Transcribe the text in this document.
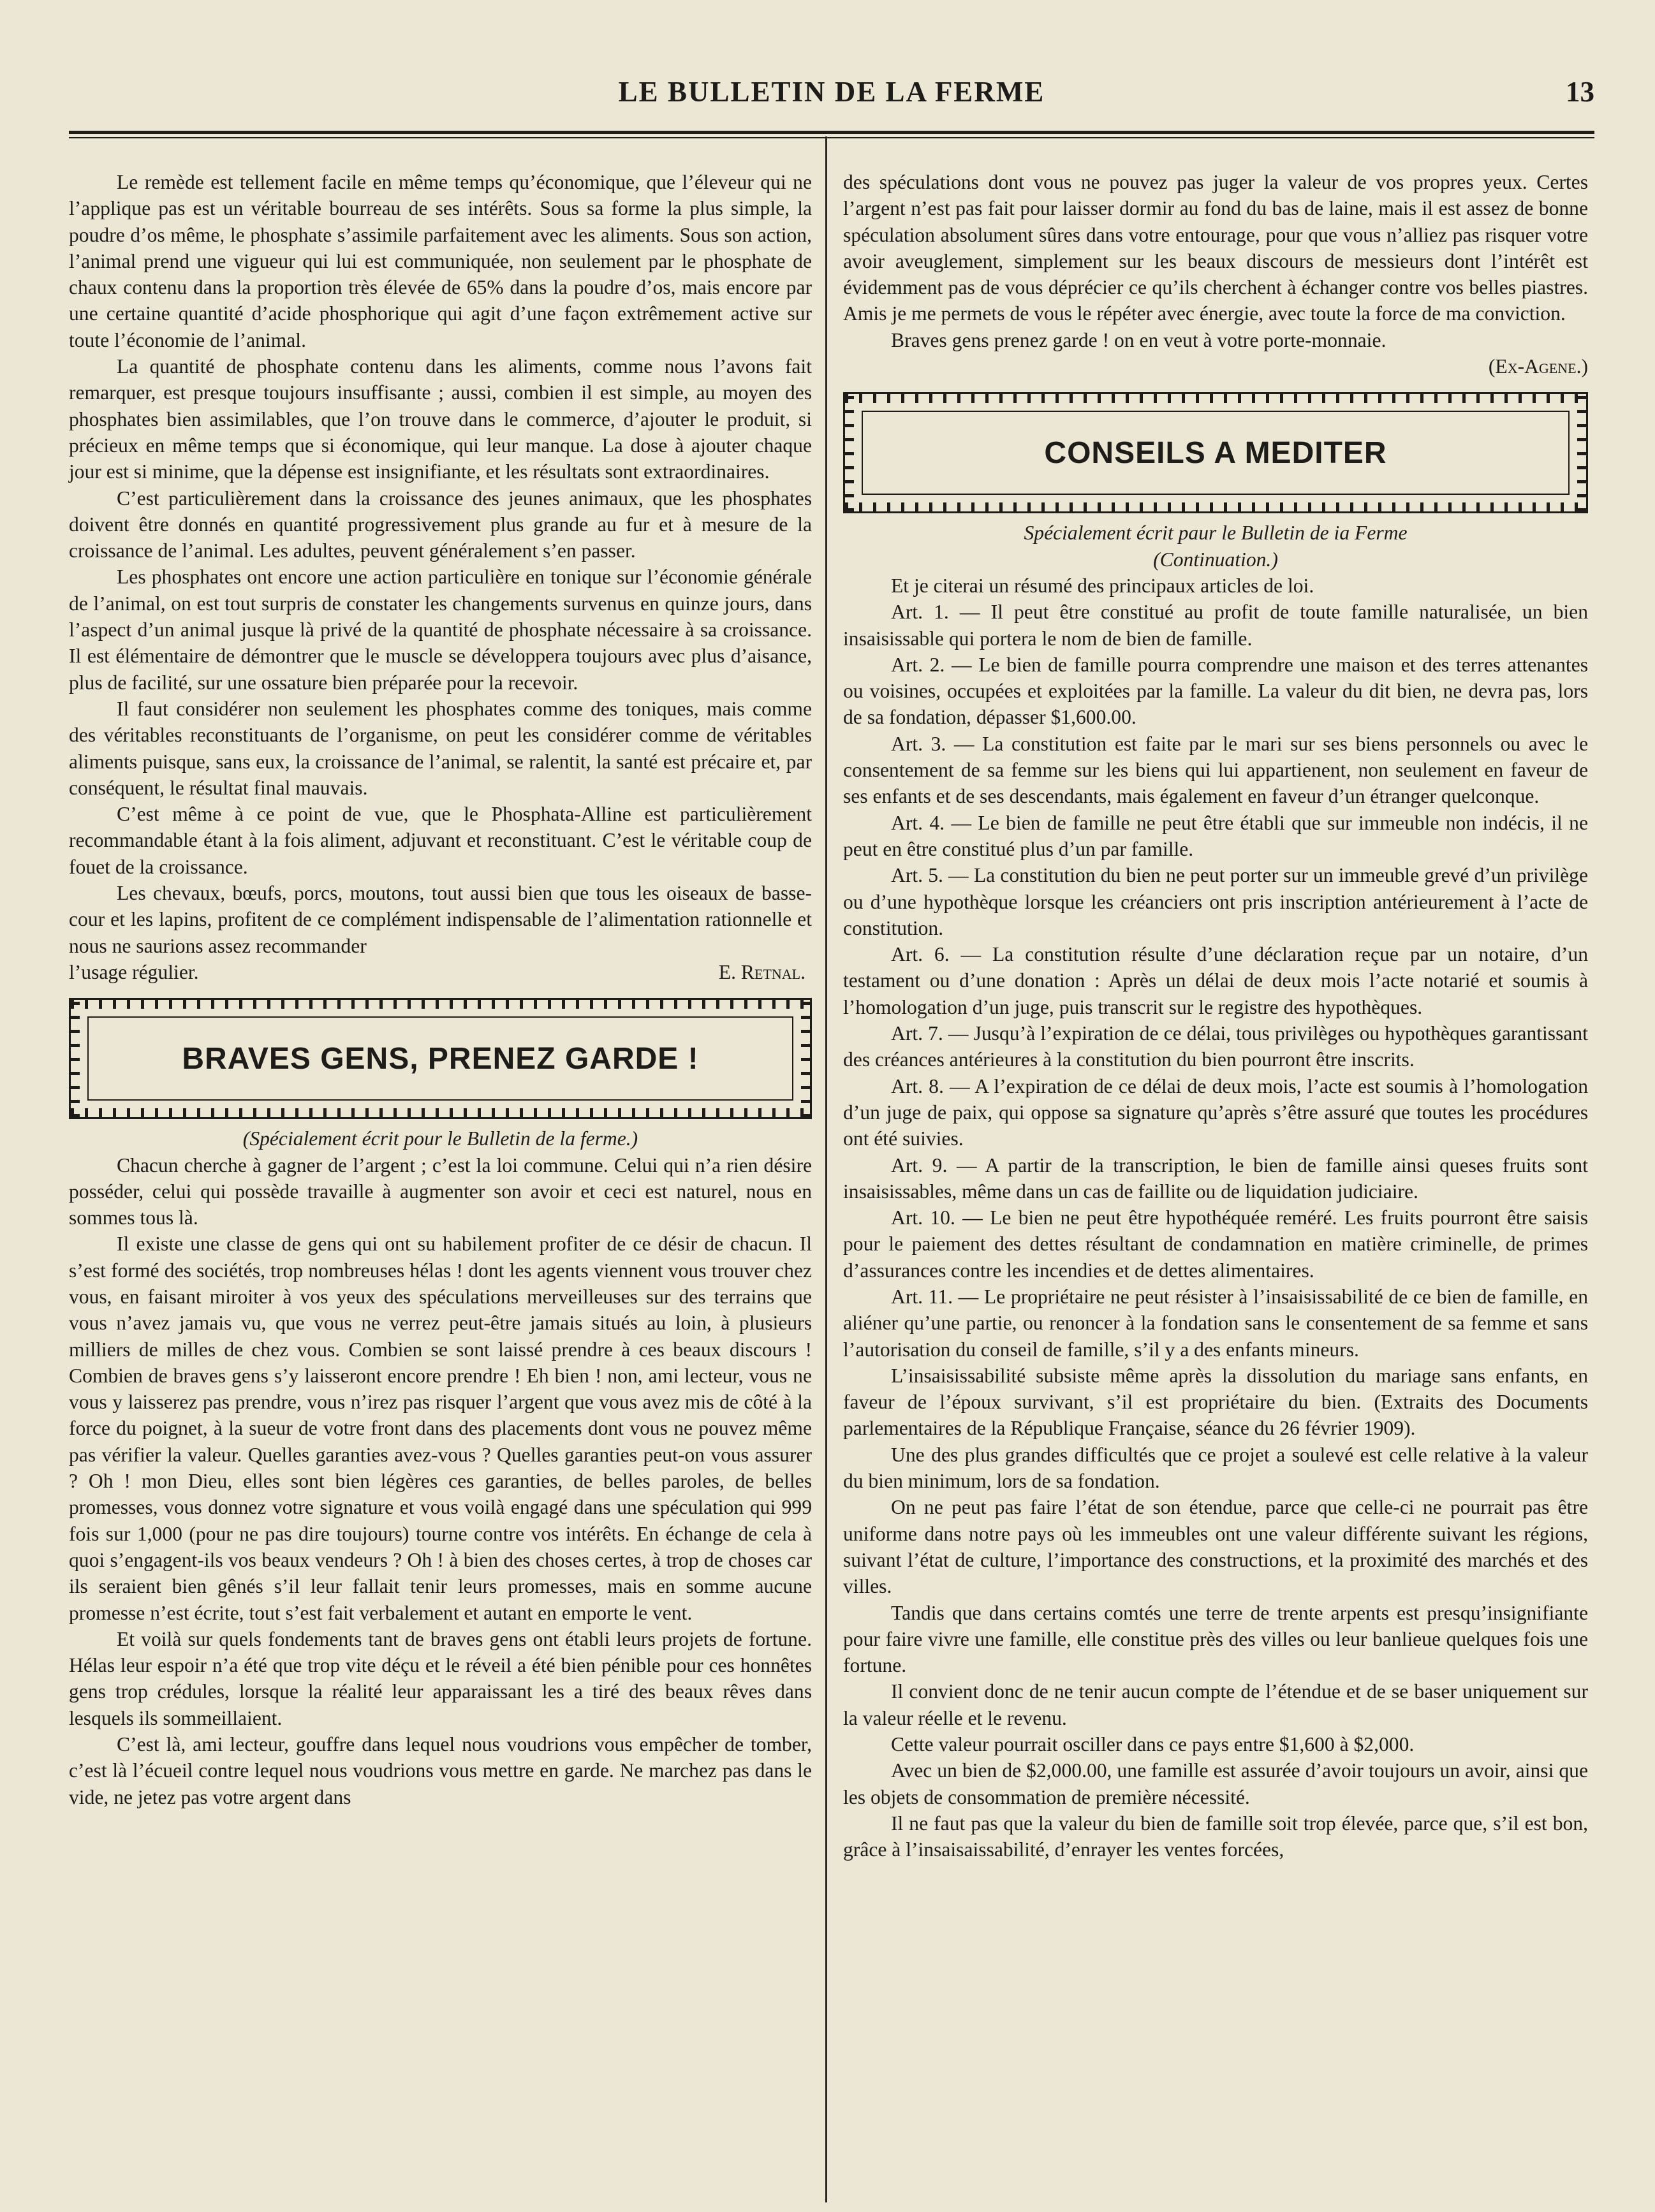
LE BULLETIN DE LA FERME	13

Le remède est tellement facile en même temps qu’économique, que l’éleveur qui ne l’applique pas est un véritable bourreau de ses intérêts. Sous sa forme la plus simple, la poudre d’os même, le phosphate s’assimile parfaitement avec les aliments. Sous son action, l’animal prend une vigueur qui lui est communiquée, non seulement par le phosphate de chaux contenu dans la proportion très élevée de 65% dans la poudre d’os, mais encore par une certaine quantité d’acide phosphorique qui agit d’une façon extrêmement active sur toute l’économie de l’animal.

La quantité de phosphate contenu dans les aliments, comme nous l’avons fait remarquer, est presque toujours insuffisante ; aussi, combien il est simple, au moyen des phosphates bien assimilables, que l’on trouve dans le commerce, d’ajouter le produit, si précieux en même temps que si économique, qui leur manque. La dose à ajouter chaque jour est si minime, que la dépense est insignifiante, et les résultats sont extraordinaires.

C’est particulièrement dans la croissance des jeunes animaux, que les phosphates doivent être donnés en quantité progressivement plus grande au fur et à mesure de la croissance de l’animal. Les adultes, peuvent généralement s’en passer.

Les phosphates ont encore une action particulière en tonique sur l’économie générale de l’animal, on est tout surpris de constater les changements survenus en quinze jours, dans l’aspect d’un animal jusque là privé de la quantité de phosphate nécessaire à sa croissance. Il est élémentaire de démontrer que le muscle se développera toujours avec plus d’aisance, plus de facilité, sur une ossature bien préparée pour la recevoir.

Il faut considérer non seulement les phosphates comme des toniques, mais comme des véritables reconstituants de l’organisme, on peut les considérer comme de véritables aliments puisque, sans eux, la croissance de l’animal, se ralentit, la santé est précaire et, par conséquent, le résultat final mauvais.

C’est même à ce point de vue, que le Phosphata-Alline est particulièrement recommandable étant à la fois aliment, adjuvant et reconstituant. C’est le véritable coup de fouet de la croissance.

Les chevaux, bœufs, porcs, moutons, tout aussi bien que tous les oiseaux de basse-cour et les lapins, profitent de ce complément indispensable de l’alimentation rationnelle et nous ne saurions assez recommander

l’usage régulier.	E. Retnal.

BRAVES GENS, PRENEZ GARDE !

(Spécialement écrit pour le Bulletin de la ferme.)

Chacun cherche à gagner de l’argent ; c’est la loi commune. Celui qui n’a rien désire posséder, celui qui possède travaille à augmenter son avoir et ceci est naturel, nous en sommes tous là.

Il existe une classe de gens qui ont su habilement profiter de ce désir de chacun. Il s’est formé des sociétés, trop nombreuses hélas ! dont les agents viennent vous trouver chez vous, en faisant miroiter à vos yeux des spéculations merveilleuses sur des terrains que vous n’avez jamais vu, que vous ne verrez peut-être jamais situés au loin, à plusieurs milliers de milles de chez vous. Combien se sont laissé prendre à ces beaux discours ! Combien de braves gens s’y laisseront encore prendre ! Eh bien ! non, ami lecteur, vous ne vous y laisserez pas prendre, vous n’irez pas risquer l’argent que vous avez mis de côté à la force du poignet, à la sueur de votre front dans des placements dont vous ne pouvez même pas vérifier la valeur. Quelles garanties avez-vous ? Quelles garanties peut-on vous assurer ? Oh ! mon Dieu, elles sont bien légères ces garanties, de belles paroles, de belles promesses, vous donnez votre signature et vous voilà engagé dans une spéculation qui 999 fois sur 1,000 (pour ne pas dire toujours) tourne contre vos intérêts. En échange de cela à quoi s’engagent-ils vos beaux vendeurs ? Oh ! à bien des choses certes, à trop de choses car ils seraient bien gênés s’il leur fallait tenir leurs promesses, mais en somme aucune promesse n’est écrite, tout s’est fait verbalement et autant en emporte le vent.

Et voilà sur quels fondements tant de braves gens ont établi leurs projets de fortune. Hélas leur espoir n’a été que trop vite déçu et le réveil a été bien pénible pour ces honnêtes gens trop crédules, lorsque la réalité leur apparaissant les a tiré des beaux rêves dans lesquels ils sommeillaient.

C’est là, ami lecteur, gouffre dans lequel nous voudrions vous empêcher de tomber, c’est là l’écueil contre lequel nous voudrions vous mettre en garde. Ne marchez pas dans le vide, ne jetez pas votre argent dans

des spéculations dont vous ne pouvez pas juger la valeur de vos propres yeux. Certes l’argent n’est pas fait pour laisser dormir au fond du bas de laine, mais il est assez de bonne spéculation absolument sûres dans votre entourage, pour que vous n’alliez pas risquer votre avoir aveuglement, simplement sur les beaux discours de messieurs dont l’intérêt est évidemment pas de vous déprécier ce qu’ils cherchent à échanger contre vos belles piastres. Amis je me permets de vous le répéter avec énergie, avec toute la force de ma conviction.

Braves gens prenez garde ! on en veut à votre porte-monnaie.

(Ex-Agene.)

CONSEILS A MEDITER

Spécialement écrit paur le Bulletin de ia Ferme

(Continuation.)

Et je citerai un résumé des principaux articles de loi.

Art. 1. — Il peut être constitué au profit de toute famille naturalisée, un bien insaisissable qui portera le nom de bien de famille.

Art. 2. — Le bien de famille pourra comprendre une maison et des terres attenantes ou voisines, occupées et exploitées par la famille. La valeur du dit bien, ne devra pas, lors de sa fondation, dépasser $1,600.00.

Art. 3. — La constitution est faite par le mari sur ses biens personnels ou avec le consentement de sa femme sur les biens qui lui appartienent, non seulement en faveur de ses enfants et de ses descendants, mais également en faveur d’un étranger quelconque.

Art. 4. — Le bien de famille ne peut être établi que sur immeuble non indécis, il ne peut en être constitué plus d’un par famille.

Art. 5. — La constitution du bien ne peut porter sur un immeuble grevé d’un privilège ou d’une hypothèque lorsque les créanciers ont pris inscription antérieurement à l’acte de constitution.

Art. 6. — La constitution résulte d’une déclaration reçue par un notaire, d’un testament ou d’une donation : Après un délai de deux mois l’acte notarié et soumis à l’homologation d’un juge, puis transcrit sur le registre des hypothèques.

Art. 7. — Jusqu’à l’expiration de ce délai, tous privilèges ou hypothèques garantissant des créances antérieures à la constitution du bien pourront être inscrits.

Art. 8. — A l’expiration de ce délai de deux mois, l’acte est soumis à l’homologation d’un juge de paix, qui oppose sa signature qu’après s’être assuré que toutes les procédures ont été suivies.

Art. 9. — A partir de la transcription, le bien de famille ainsi queses fruits sont insaisissables, même dans un cas de faillite ou de liquidation judiciaire.

Art. 10. — Le bien ne peut être hypothéquée reméré. Les fruits pourront être saisis pour le paiement des dettes résultant de condamnation en matière criminelle, de primes d’assurances contre les incendies et de dettes alimentaires.

Art. 11. — Le propriétaire ne peut résister à l’insaisissabilité de ce bien de famille, en aliéner qu’une partie, ou renoncer à la fondation sans le consentement de sa femme et sans l’autorisation du conseil de famille, s’il y a des enfants mineurs.

L’insaisissabilité subsiste même après la dissolution du mariage sans enfants, en faveur de l’époux survivant, s’il est propriétaire du bien. (Extraits des Documents parlementaires de la République Française, séance du 26 février 1909).

Une des plus grandes difficultés que ce projet a soulevé est celle relative à la valeur du bien minimum, lors de sa fondation.

On ne peut pas faire l’état de son étendue, parce que celle-ci ne pourrait pas être uniforme dans notre pays où les immeubles ont une valeur différente suivant les régions, suivant l’état de culture, l’importance des constructions, et la proximité des marchés et des villes.

Tandis que dans certains comtés une terre de trente arpents est presqu’insignifiante pour faire vivre une famille, elle constitue près des villes ou leur banlieue quelques fois une fortune.

Il convient donc de ne tenir aucun compte de l’étendue et de se baser uniquement sur la valeur réelle et le revenu.

Cette valeur pourrait osciller dans ce pays entre $1,600 à $2,000.

Avec un bien de $2,000.00, une famille est assurée d’avoir toujours un avoir, ainsi que les objets de consommation de première nécessité.

Il ne faut pas que la valeur du bien de famille soit trop élevée, parce que, s’il est bon, grâce à l’insaisaissabilité, d’enrayer les ventes forcées,
